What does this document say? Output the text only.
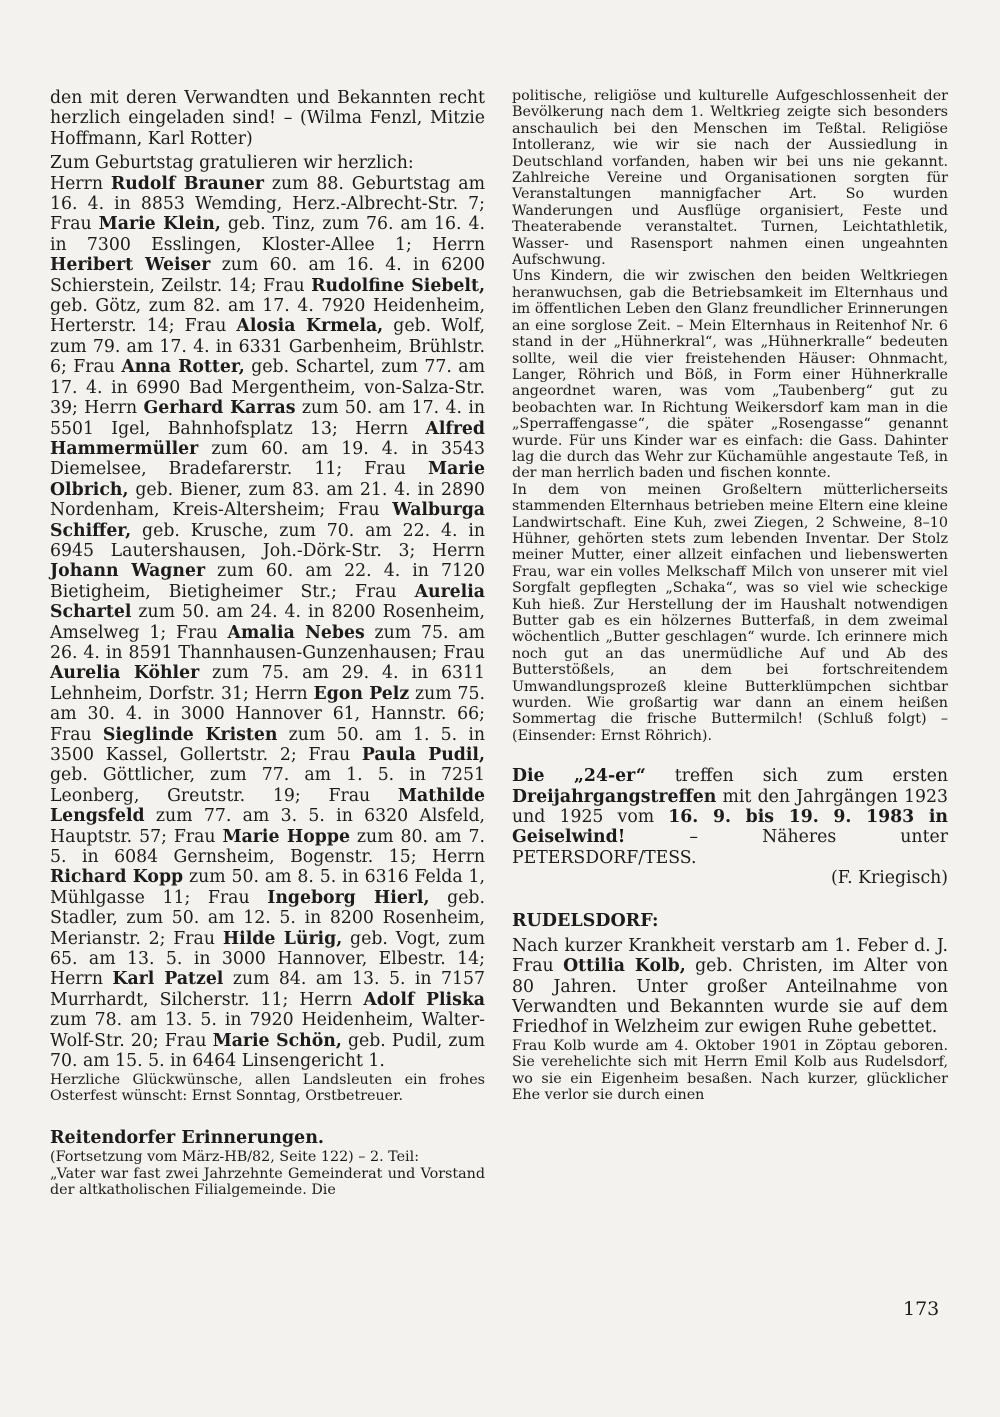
den mit deren Verwandten und Bekannten recht herzlich eingeladen sind! – (Wilma Fenzl, Mitzie Hoffmann, Karl Rotter)

Zum Geburtstag gratulieren wir herzlich:

Herrn Rudolf Brauner zum 88. Geburtstag am 16. 4. in 8853 Wemding, Herz.-Albrecht-Str. 7; Frau Marie Klein, geb. Tinz, zum 76. am 16. 4. in 7300 Esslingen, Kloster-Allee 1; Herrn Heribert Weiser zum 60. am 16. 4. in 6200 Schierstein, Zeilstr. 14; Frau Rudolfine Siebelt, geb. Götz, zum 82. am 17. 4. 7920 Heidenheim, Herterstr. 14; Frau Alosia Krmela, geb. Wolf, zum 79. am 17. 4. in 6331 Garbenheim, Brühlstr. 6; Frau Anna Rotter, geb. Schartel, zum 77. am 17. 4. in 6990 Bad Mergentheim, von-Salza-Str. 39; Herrn Gerhard Karras zum 50. am 17. 4. in 5501 Igel, Bahnhofsplatz 13; Herrn Alfred Hammermüller zum 60. am 19. 4. in 3543 Diemelsee, Bradefarerstr. 11; Frau Marie Olbrich, geb. Biener, zum 83. am 21. 4. in 2890 Nordenham, Kreis-Altersheim; Frau Walburga Schiffer, geb. Krusche, zum 70. am 22. 4. in 6945 Lautershausen, Joh.-Dörk-Str. 3; Herrn Johann Wagner zum 60. am 22. 4. in 7120 Bietigheim, Bietigheimer Str.; Frau Aurelia Schartel zum 50. am 24. 4. in 8200 Rosenheim, Amselweg 1; Frau Amalia Nebes zum 75. am 26. 4. in 8591 Thannhausen-Gunzenhausen; Frau Aurelia Köhler zum 75. am 29. 4. in 6311 Lehnheim, Dorfstr. 31; Herrn Egon Pelz zum 75. am 30. 4. in 3000 Hannover 61, Hannstr. 66; Frau Sieglinde Kristen zum 50. am 1. 5. in 3500 Kassel, Gollertstr. 2; Frau Paula Pudil, geb. Göttlicher, zum 77. am 1. 5. in 7251 Leonberg, Greutstr. 19; Frau Mathilde Lengsfeld zum 77. am 3. 5. in 6320 Alsfeld, Hauptstr. 57; Frau Marie Hoppe zum 80. am 7. 5. in 6084 Gernsheim, Bogenstr. 15; Herrn Richard Kopp zum 50. am 8. 5. in 6316 Felda 1, Mühlgasse 11; Frau Ingeborg Hierl, geb. Stadler, zum 50. am 12. 5. in 8200 Rosenheim, Merianstr. 2; Frau Hilde Lürig, geb. Vogt, zum 65. am 13. 5. in 3000 Hannover, Elbestr. 14; Herrn Karl Patzel zum 84. am 13. 5. in 7157 Murrhardt, Silcherstr. 11; Herrn Adolf Pliska zum 78. am 13. 5. in 7920 Heidenheim, Walter-Wolf-Str. 20; Frau Marie Schön, geb. Pudil, zum 70. am 15. 5. in 6464 Linsengericht 1.

Herzliche Glückwünsche, allen Landsleuten ein frohes Osterfest wünscht: Ernst Sonntag, Orstbetreuer.

Reitendorfer Erinnerungen.

(Fortsetzung vom März-HB/82, Seite 122) – 2. Teil:

„Vater war fast zwei Jahrzehnte Gemeinderat und Vorstand der altkatholischen Filialgemeinde. Die

politische, religiöse und kulturelle Aufgeschlossenheit der Bevölkerung nach dem 1. Weltkrieg zeigte sich besonders anschaulich bei den Menschen im Teßtal. Religiöse Intolleranz, wie wir sie nach der Aussiedlung in Deutschland vorfanden, haben wir bei uns nie gekannt. Zahlreiche Vereine und Organisationen sorgten für Veranstaltungen mannigfacher Art. So wurden Wanderungen und Ausflüge organisiert, Feste und Theaterabende veranstaltet. Turnen, Leichtathletik, Wasser- und Rasensport nahmen einen ungeahnten Aufschwung.

Uns Kindern, die wir zwischen den beiden Weltkriegen heranwuchsen, gab die Betriebsamkeit im Elternhaus und im öffentlichen Leben den Glanz freundlicher Erinnerungen an eine sorglose Zeit. – Mein Elternhaus in Reitenhof Nr. 6 stand in der „Hühnerkral“, was „Hühnerkralle“ bedeuten sollte, weil die vier freistehenden Häuser: Ohnmacht, Langer, Röhrich und Böß, in Form einer Hühnerkralle angeordnet waren, was vom „Taubenberg“ gut zu beobachten war. In Richtung Weikersdorf kam man in die „Sperraffengasse“, die später „Rosengasse“ genannt wurde. Für uns Kinder war es einfach: die Gass. Dahinter lag die durch das Wehr zur Küchamühle angestaute Teß, in der man herrlich baden und fischen konnte.

In dem von meinen Großeltern mütterlicherseits stammenden Elternhaus betrieben meine Eltern eine kleine Landwirtschaft. Eine Kuh, zwei Ziegen, 2 Schweine, 8–10 Hühner, gehörten stets zum lebenden Inventar. Der Stolz meiner Mutter, einer allzeit einfachen und liebenswerten Frau, war ein volles Melkschaff Milch von unserer mit viel Sorgfalt gepflegten „Schaka“, was so viel wie scheckige Kuh hieß. Zur Herstellung der im Haushalt notwendigen Butter gab es ein hölzernes Butterfaß, in dem zweimal wöchentlich „Butter geschlagen“ wurde. Ich erinnere mich noch gut an das unermüdliche Auf und Ab des Butterstößels, an dem bei fortschreitendem Umwandlungsprozeß kleine Butterklümpchen sichtbar wurden. Wie großartig war dann an einem heißen Sommertag die frische Buttermilch! (Schluß folgt) – (Einsender: Ernst Röhrich).

Die „24-er“ treffen sich zum ersten Dreijahrgangstreffen mit den Jahrgängen 1923 und 1925 vom 16. 9. bis 19. 9. 1983 in Geiselwind! – Näheres unter PETERSDORF/TESS.

(F. Kriegisch)

RUDELSDORF:

Nach kurzer Krankheit verstarb am 1. Feber d. J. Frau Ottilia Kolb, geb. Christen, im Alter von 80 Jahren. Unter großer Anteilnahme von Verwandten und Bekannten wurde sie auf dem Friedhof in Welzheim zur ewigen Ruhe gebettet.

Frau Kolb wurde am 4. Oktober 1901 in Zöptau geboren. Sie verehelichte sich mit Herrn Emil Kolb aus Rudelsdorf, wo sie ein Eigenheim besaßen. Nach kurzer, glücklicher Ehe verlor sie durch einen

173
